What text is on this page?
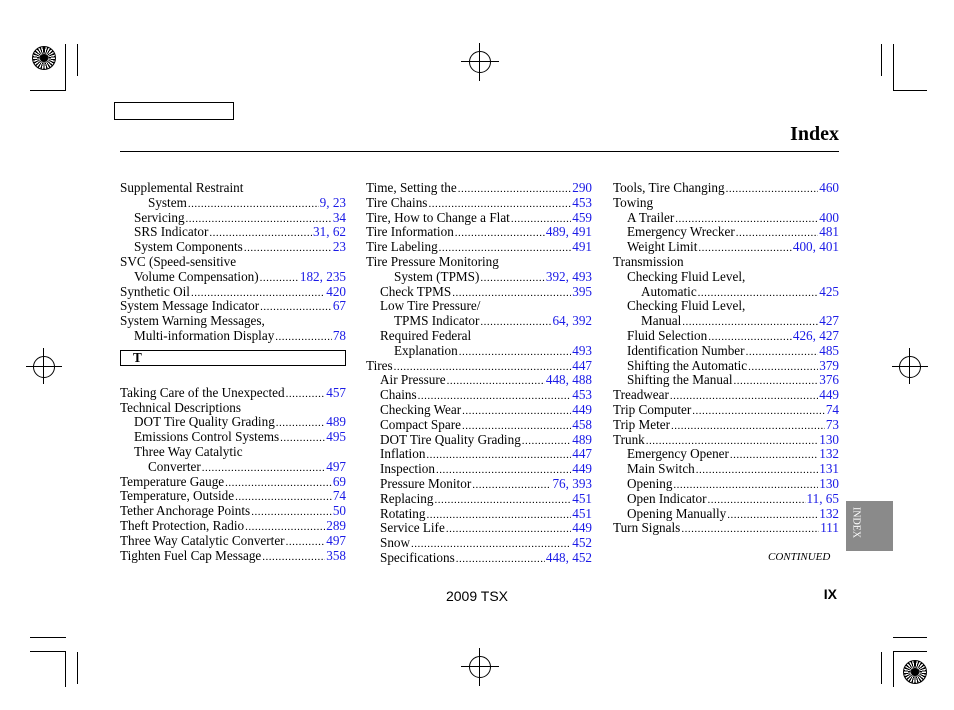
Index
Supplemental Restraint
System .....	9, 23
Servicing .....	34
SRS Indicator .....	31, 62
System Components .....	23
SVC (Speed-sensitive
Volume Compensation) .....	182, 235
Synthetic Oil .....	420
System Message Indicator .....	67
System Warning Messages,
Multi-information Display .....	78
T
Taking Care of the Unexpected .....	457
Technical Descriptions
DOT Tire Quality Grading .....	489
Emissions Control Systems .....	495
Three Way Catalytic
Converter .....	497
Temperature Gauge .....	69
Temperature, Outside .....	74
Tether Anchorage Points .....	50
Theft Protection, Radio .....	289
Three Way Catalytic Converter .....	497
Tighten Fuel Cap Message .....	358
Time, Setting the .....	290
Tire Chains .....	453
Tire, How to Change a Flat .....	459
Tire Information .....	489, 491
Tire Labeling .....	491
Tire Pressure Monitoring
System (TPMS) .....	392, 493
Check TPMS .....	395
Low Tire Pressure/
TPMS Indicator .....	64, 392
Required Federal
Explanation .....	493
Tires .....	447
Air Pressure .....	448, 488
Chains .....	453
Checking Wear .....	449
Compact Spare .....	458
DOT Tire Quality Grading .....	489
Inflation .....	447
Inspection .....	449
Pressure Monitor .....	76, 393
Replacing .....	451
Rotating .....	451
Service Life .....	449
Snow .....	452
Specifications .....	448, 452
Tools, Tire Changing .....	460
Towing
A Trailer .....	400
Emergency Wrecker .....	481
Weight Limit .....	400, 401
Transmission
Checking Fluid Level,
Automatic .....	425
Checking Fluid Level,
Manual .....	427
Fluid Selection .....	426, 427
Identification Number .....	485
Shifting the Automatic .....	379
Shifting the Manual .....	376
Treadwear .....	449
Trip Computer .....	74
Trip Meter .....	73
Trunk .....	130
Emergency Opener .....	132
Main Switch .....	131
Opening .....	130
Open Indicator .....	11, 65
Opening Manually .....	132
Turn Signals .....	111
CONTINUED
INDEX
2009 TSX	IX
